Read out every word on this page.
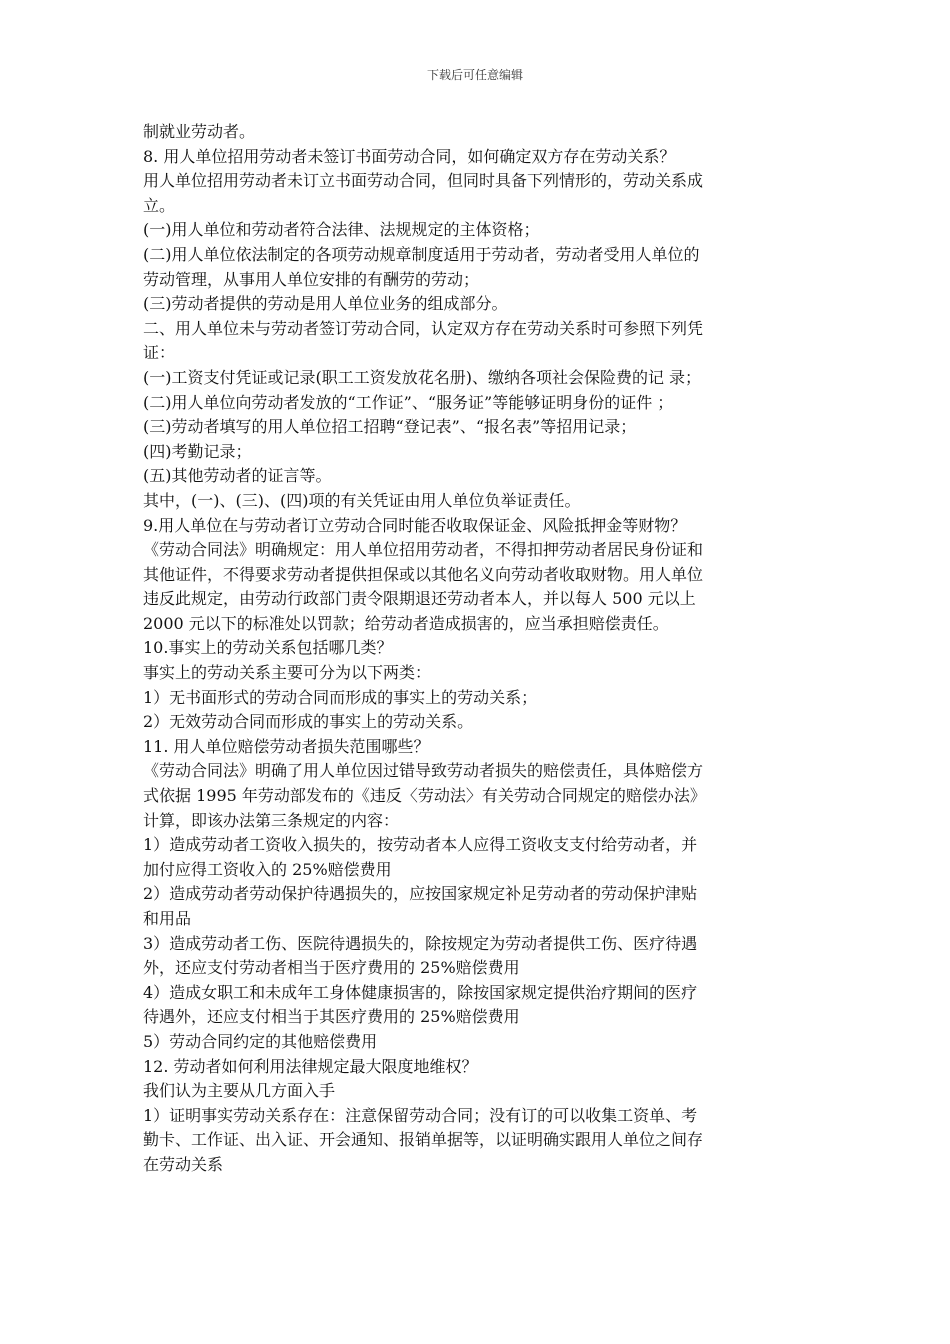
下载后可任意编辑
制就业劳动者。
8. 用人单位招用劳动者未签订书面劳动合同，如何确定双方存在劳动关系？
用人单位招用劳动者未订立书面劳动合同，但同时具备下列情形的，劳动关系成
立。
(一)用人单位和劳动者符合法律、法规规定的主体资格；
(二)用人单位依法制定的各项劳动规章制度适用于劳动者，劳动者受用人单位的
劳动管理，从事用人单位安排的有酬劳的劳动；
(三)劳动者提供的劳动是用人单位业务的组成部分。
二、用人单位未与劳动者签订劳动合同，认定双方存在劳动关系时可参照下列凭
证：
(一)工资支付凭证或记录(职工工资发放花名册)、缴纳各项社会保险费的记 录；
(二)用人单位向劳动者发放的“工作证”、“服务证”等能够证明身份的证件 ；
(三)劳动者填写的用人单位招工招聘“登记表”、“报名表”等招用记录；
(四)考勤记录；
(五)其他劳动者的证言等。
其中，(一)、(三)、(四)项的有关凭证由用人单位负举证责任。
9.用人单位在与劳动者订立劳动合同时能否收取保证金、风险抵押金等财物？
《劳动合同法》明确规定：用人单位招用劳动者，不得扣押劳动者居民身份证和
其他证件，不得要求劳动者提供担保或以其他名义向劳动者收取财物。用人单位
违反此规定，由劳动行政部门责令限期退还劳动者本人，并以每人 500 元以上
2000 元以下的标准处以罚款；给劳动者造成损害的，应当承担赔偿责任。
10.事实上的劳动关系包括哪几类？
事实上的劳动关系主要可分为以下两类：
1）无书面形式的劳动合同而形成的事实上的劳动关系；
2）无效劳动合同而形成的事实上的劳动关系。
11. 用人单位赔偿劳动者损失范围哪些？
《劳动合同法》明确了用人单位因过错导致劳动者损失的赔偿责任，具体赔偿方
式依据 1995 年劳动部发布的《违反〈劳动法〉有关劳动合同规定的赔偿办法》
计算，即该办法第三条规定的内容：
1）造成劳动者工资收入损失的，按劳动者本人应得工资收支支付给劳动者，并
加付应得工资收入的 25%赔偿费用
2）造成劳动者劳动保护待遇损失的，应按国家规定补足劳动者的劳动保护津贴
和用品
3）造成劳动者工伤、医院待遇损失的，除按规定为劳动者提供工伤、医疗待遇
外，还应支付劳动者相当于医疗费用的 25%赔偿费用
4）造成女职工和未成年工身体健康损害的，除按国家规定提供治疗期间的医疗
待遇外，还应支付相当于其医疗费用的 25%赔偿费用
5）劳动合同约定的其他赔偿费用
12. 劳动者如何利用法律规定最大限度地维权？
我们认为主要从几方面入手
1）证明事实劳动关系存在：注意保留劳动合同；没有订的可以收集工资单、考
勤卡、工作证、出入证、开会通知、报销单据等，以证明确实跟用人单位之间存
在劳动关系
